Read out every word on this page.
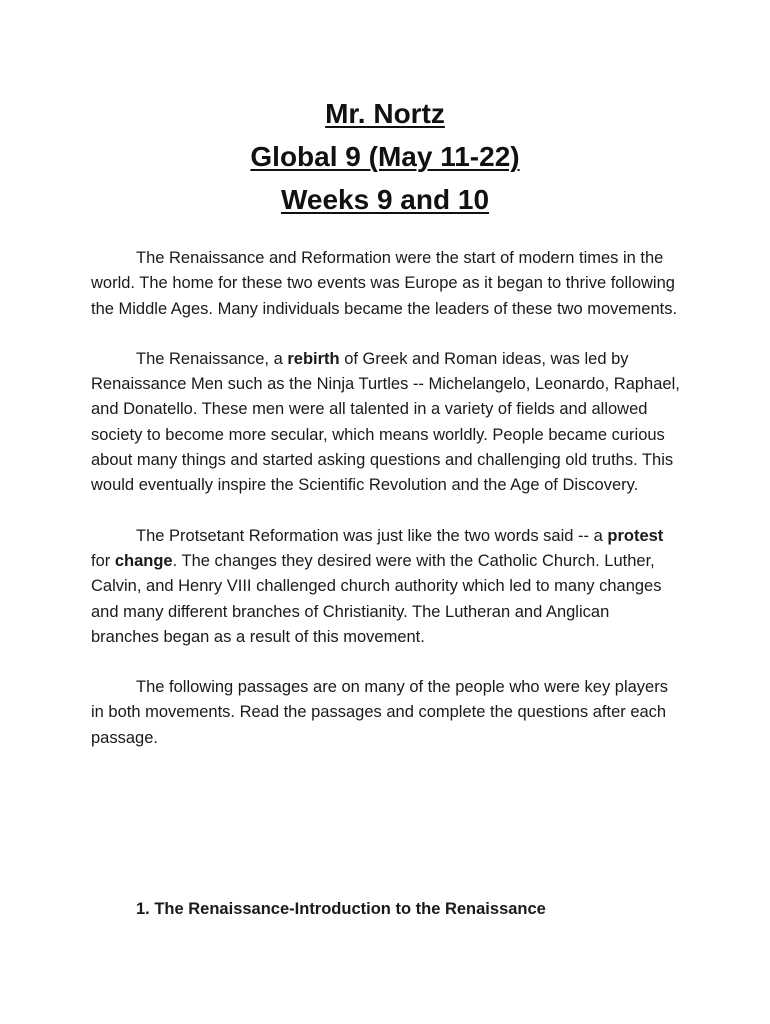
Mr. Nortz
Global 9 (May 11-22)
Weeks 9 and 10

The Renaissance and Reformation were the start of modern times in the world. The home for these two events was Europe as it began to thrive following the Middle Ages. Many individuals became the leaders of these two movements.

The Renaissance, a rebirth of Greek and Roman ideas, was led by Renaissance Men such as the Ninja Turtles -- Michelangelo, Leonardo, Raphael, and Donatello. These men were all talented in a variety of fields and allowed society to become more secular, which means worldly. People became curious about many things and started asking questions and challenging old truths. This would eventually inspire the Scientific Revolution and the Age of Discovery.

The Protsetant Reformation was just like the two words said -- a protest for change. The changes they desired were with the Catholic Church. Luther, Calvin, and Henry VIII challenged church authority which led to many changes and many different branches of Christianity. The Lutheran and Anglican branches began as a result of this movement.

The following passages are on many of the people who were key players in both movements. Read the passages and complete the questions after each passage.

1. The Renaissance-Introduction to the Renaissance
